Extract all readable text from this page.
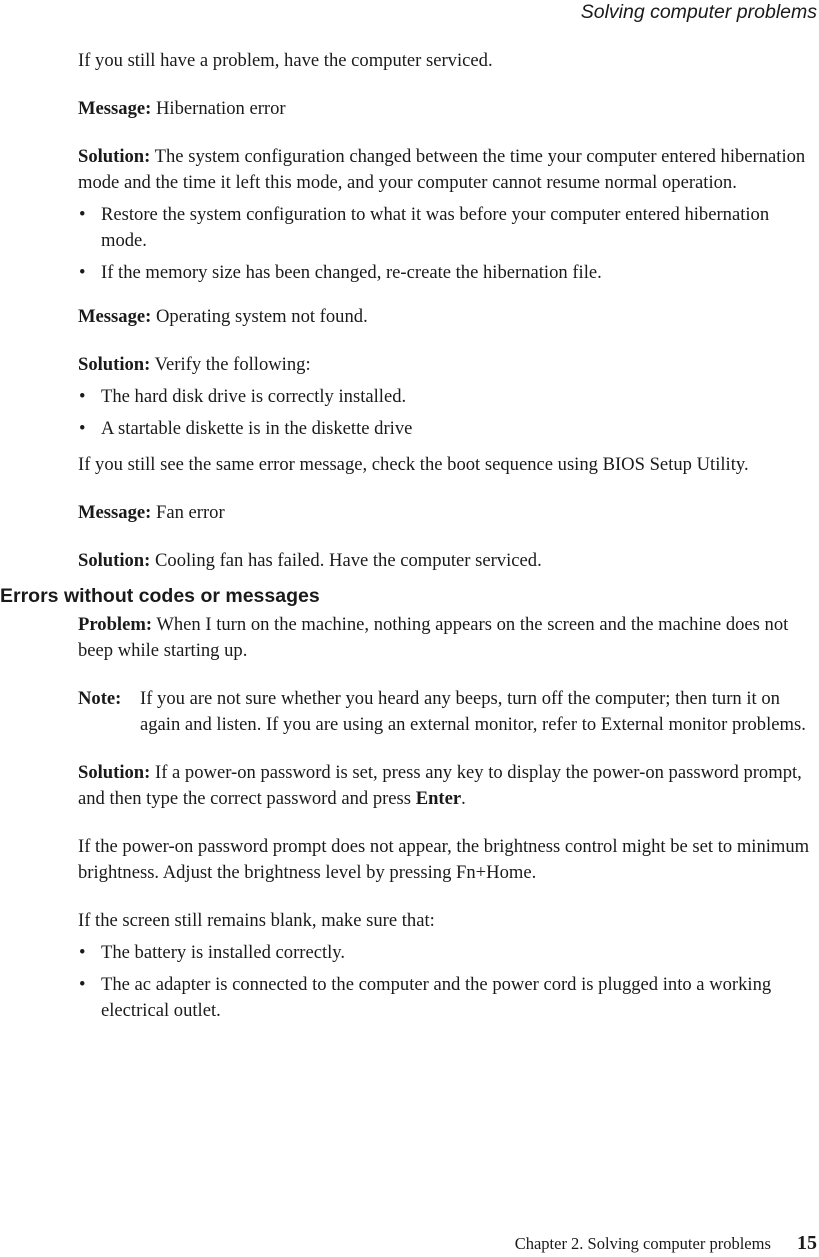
Solving computer problems

If you still have a problem, have the computer serviced.

Message: Hibernation error

Solution: The system configuration changed between the time your computer entered hibernation mode and the time it left this mode, and your computer cannot resume normal operation.

• Restore the system configuration to what it was before your computer entered hibernation mode.
• If the memory size has been changed, re-create the hibernation file.

Message: Operating system not found.

Solution: Verify the following:

• The hard disk drive is correctly installed.
• A startable diskette is in the diskette drive

If you still see the same error message, check the boot sequence using BIOS Setup Utility.

Message: Fan error

Solution: Cooling fan has failed. Have the computer serviced.

Errors without codes or messages

Problem: When I turn on the machine, nothing appears on the screen and the machine does not beep while starting up.

Note:	If you are not sure whether you heard any beeps, turn off the computer; then turn it on again and listen. If you are using an external monitor, refer to External monitor problems.

Solution: If a power-on password is set, press any key to display the power-on password prompt, and then type the correct password and press Enter.

If the power-on password prompt does not appear, the brightness control might be set to minimum brightness. Adjust the brightness level by pressing Fn+Home.

If the screen still remains blank, make sure that:

• The battery is installed correctly.
• The ac adapter is connected to the computer and the power cord is plugged into a working electrical outlet.
Chapter 2. Solving computer problems 15
